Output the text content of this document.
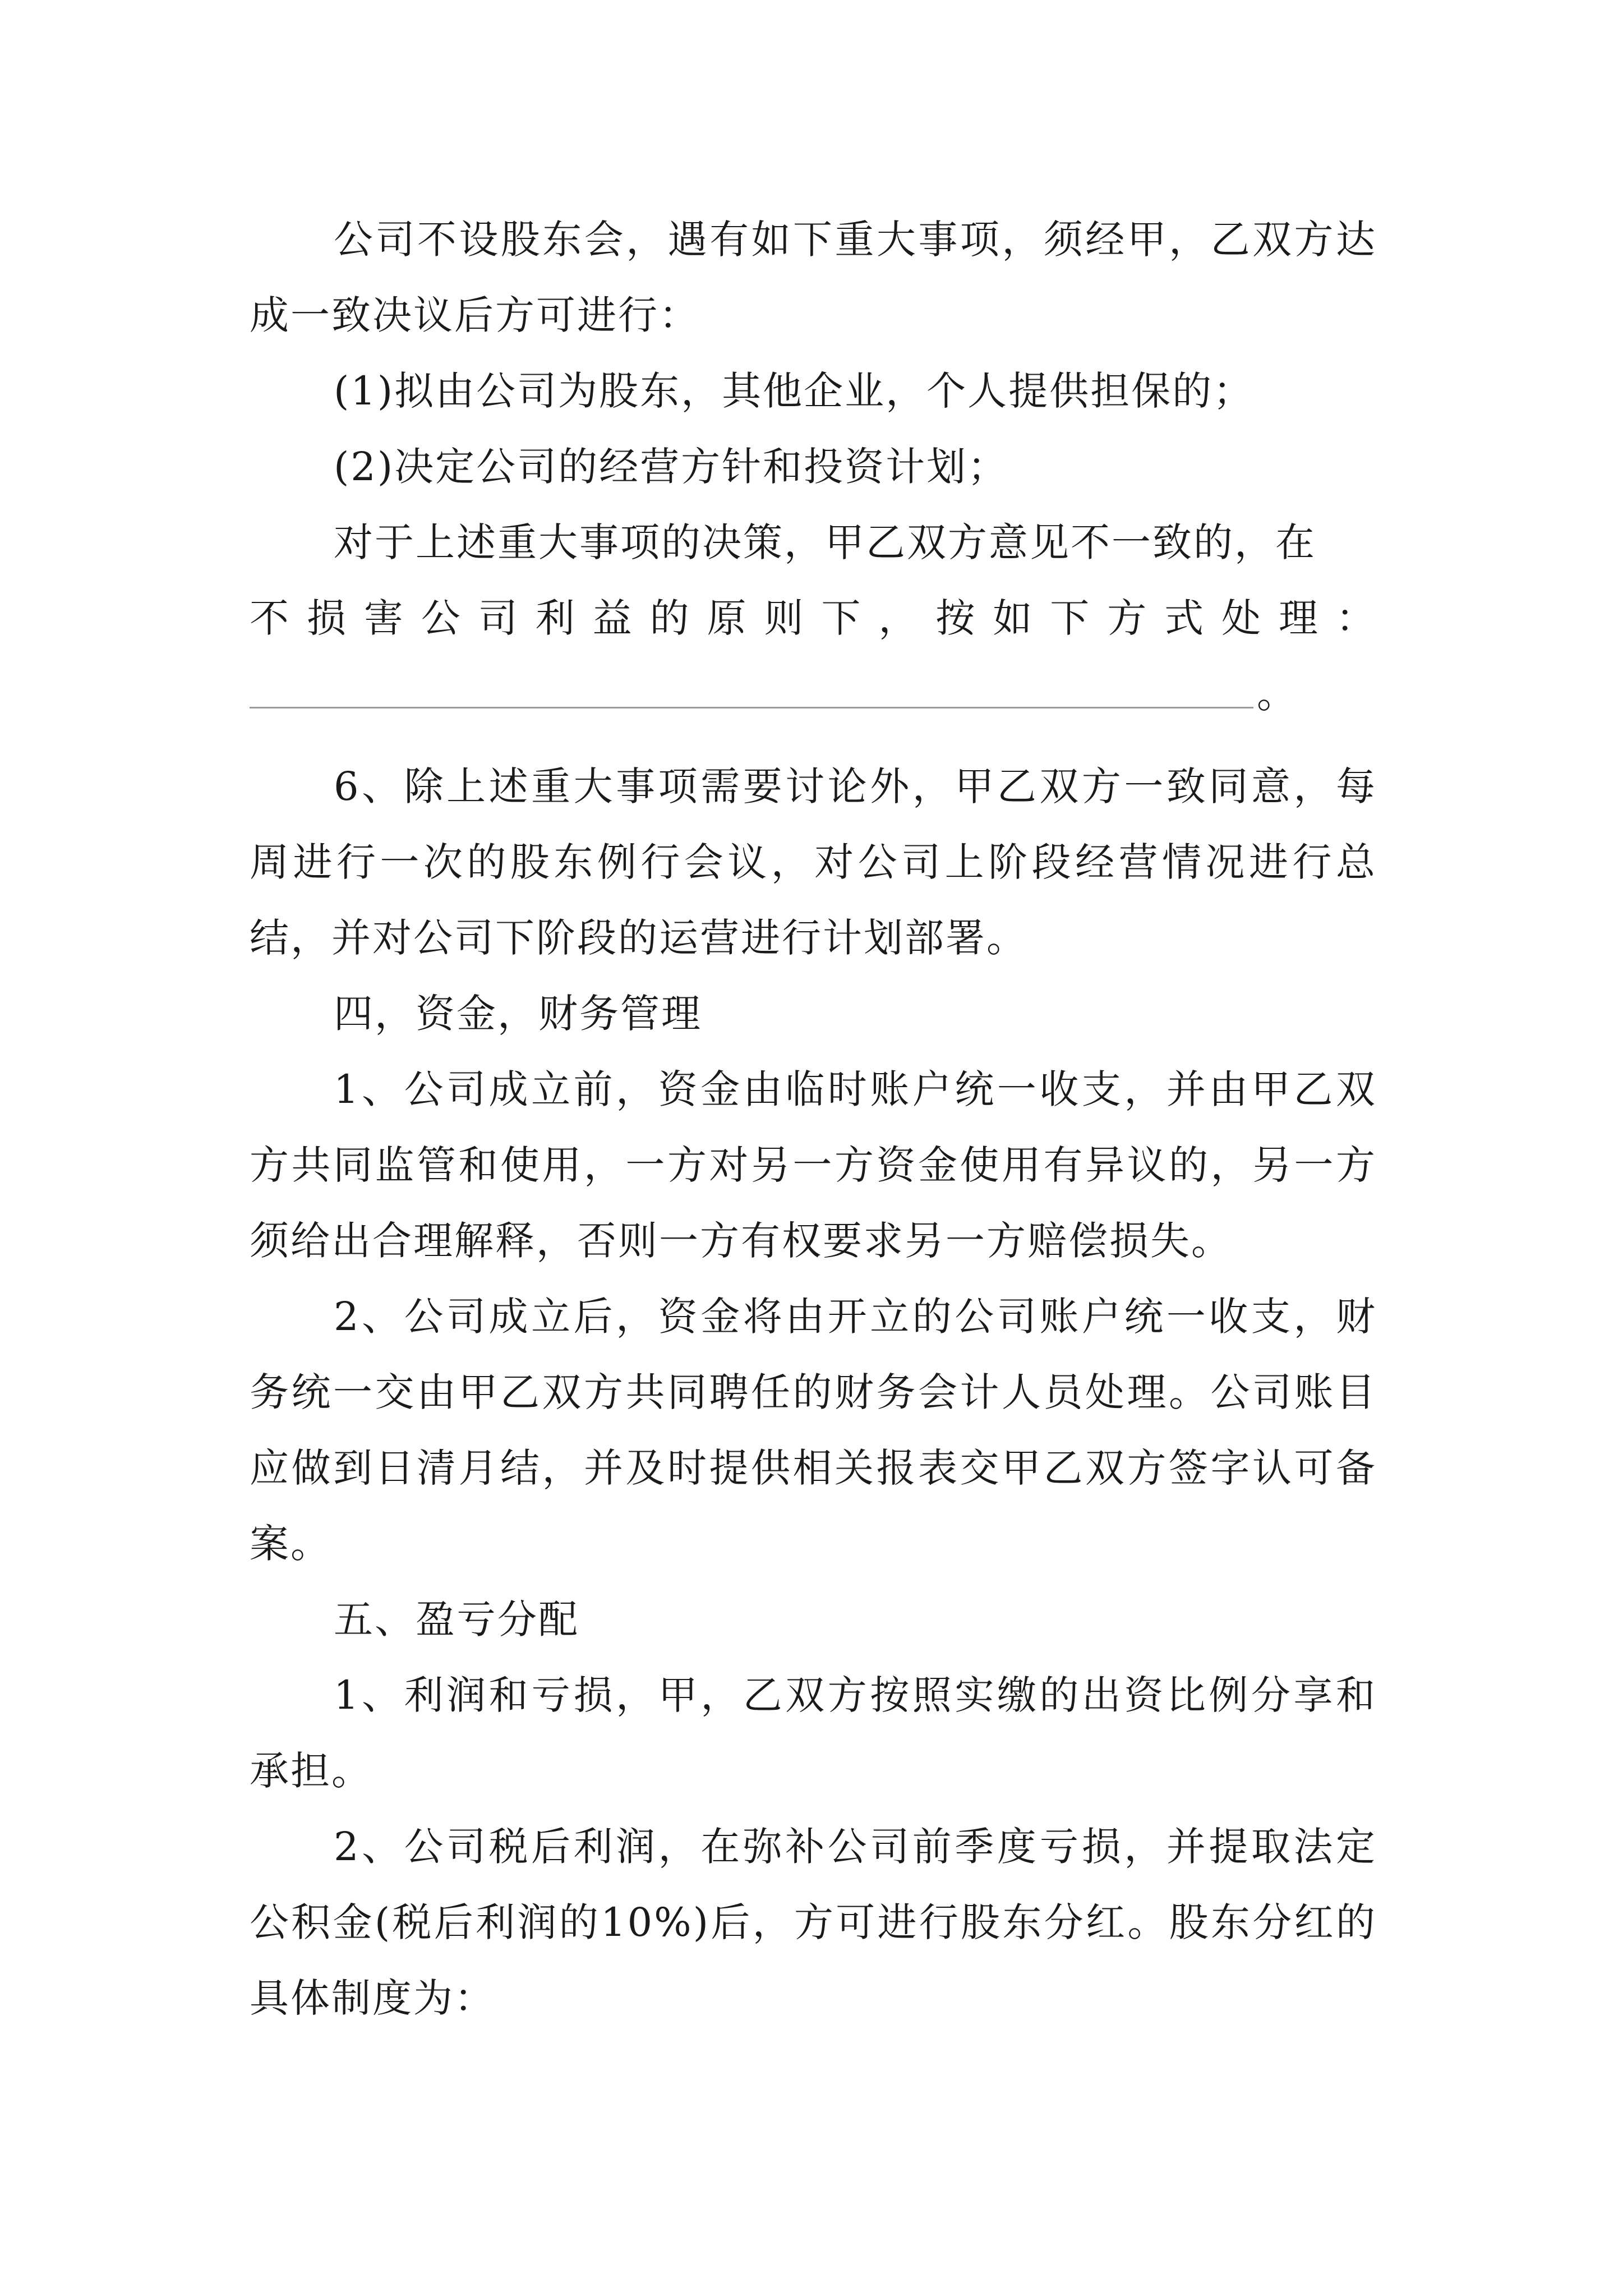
公司不设股东会，遇有如下重大事项，须经甲，乙双方达成一致决议后方可进行：

(1)拟由公司为股东，其他企业，个人提供担保的；

(2)决定公司的经营方针和投资计划；

对于上述重大事项的决策，甲乙双方意见不一致的，在

不损害公司利益的原则下，按如下方式处理：

。

6、除上述重大事项需要讨论外，甲乙双方一致同意，每周进行一次的股东例行会议，对公司上阶段经营情况进行总结，并对公司下阶段的运营进行计划部署。

四，资金，财务管理

1、公司成立前，资金由临时账户统一收支，并由甲乙双方共同监管和使用，一方对另一方资金使用有异议的，另一方须给出合理解释，否则一方有权要求另一方赔偿损失。

2、公司成立后，资金将由开立的公司账户统一收支，财务统一交由甲乙双方共同聘任的财务会计人员处理。公司账目应做到日清月结，并及时提供相关报表交甲乙双方签字认可备案。

五、盈亏分配

1、利润和亏损，甲，乙双方按照实缴的出资比例分享和承担。

2、公司税后利润，在弥补公司前季度亏损，并提取法定公积金(税后利润的10%)后，方可进行股东分红。股东分红的具体制度为：
